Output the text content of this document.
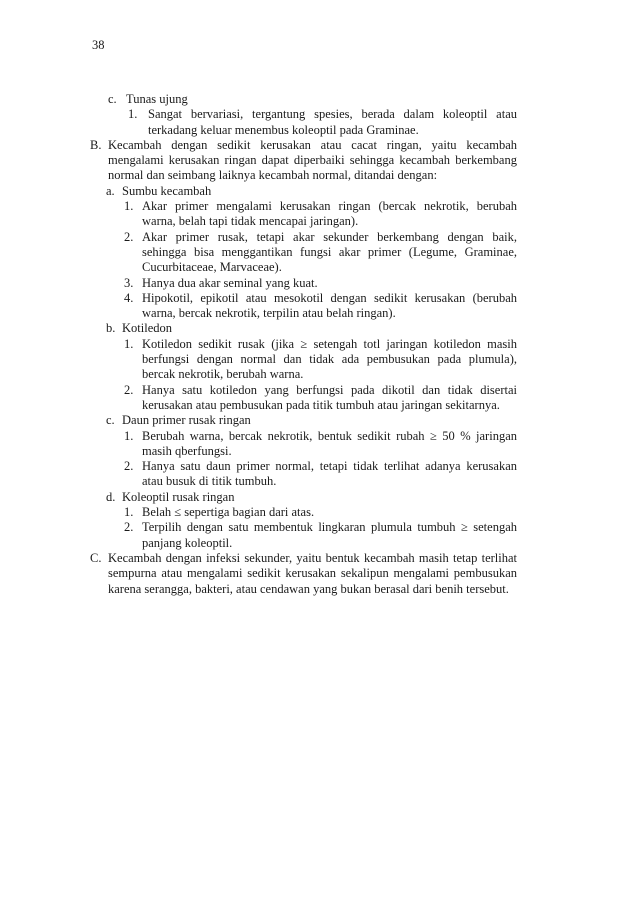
38
c. Tunas ujung
1. Sangat bervariasi, tergantung spesies, berada dalam koleoptil atau terkadang keluar menembus koleoptil pada Graminae.
B. Kecambah dengan sedikit kerusakan atau cacat ringan, yaitu kecambah mengalami kerusakan ringan dapat diperbaiki sehingga kecambah berkembang normal dan seimbang laiknya kecambah normal, ditandai dengan:
a. Sumbu kecambah
1. Akar primer mengalami kerusakan ringan (bercak nekrotik, berubah warna, belah tapi tidak mencapai jaringan).
2. Akar primer rusak, tetapi akar sekunder berkembang dengan baik, sehingga bisa menggantikan fungsi akar primer (Legume, Graminae, Cucurbitaceae, Marvaceae).
3. Hanya dua akar seminal yang kuat.
4. Hipokotil, epikotil atau mesokotil dengan sedikit kerusakan (berubah warna, bercak nekrotik, terpilin atau belah ringan).
b. Kotiledon
1. Kotiledon sedikit rusak (jika ≥ setengah totl jaringan kotiledon masih berfungsi dengan normal dan tidak ada pembusukan pada plumula), bercak nekrotik, berubah warna.
2. Hanya satu kotiledon yang berfungsi pada dikotil dan tidak disertai kerusakan atau pembusukan pada titik tumbuh atau jaringan sekitarnya.
c. Daun primer rusak ringan
1. Berubah warna, bercak nekrotik, bentuk sedikit rubah ≥ 50 % jaringan masih qberfungsi.
2. Hanya satu daun primer normal, tetapi tidak terlihat adanya kerusakan atau busuk di titik tumbuh.
d. Koleoptil rusak ringan
1. Belah ≤ sepertiga bagian dari atas.
2. Terpilih dengan satu membentuk lingkaran plumula tumbuh ≥ setengah panjang koleoptil.
C. Kecambah dengan infeksi sekunder, yaitu bentuk kecambah masih tetap terlihat sempurna atau mengalami sedikit kerusakan sekalipun mengalami pembusukan karena serangga, bakteri, atau cendawan yang bukan berasal dari benih tersebut.
